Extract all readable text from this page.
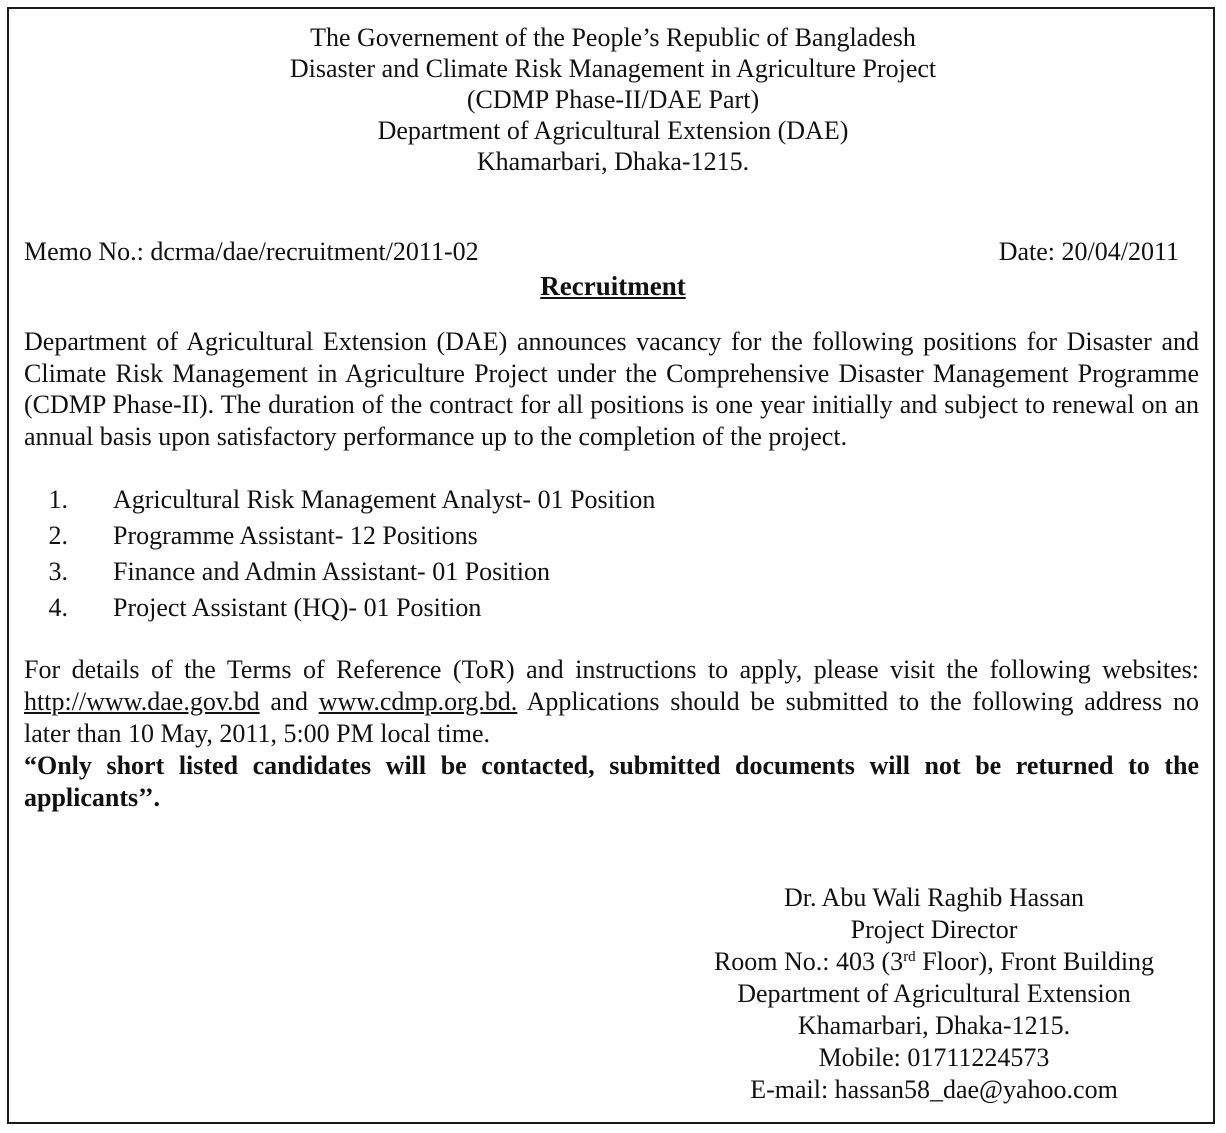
The Governement of the People’s Republic of Bangladesh
Disaster and Climate Risk Management in Agriculture Project
(CDMP Phase-II/DAE Part)
Department of Agricultural Extension (DAE)
Khamarbari, Dhaka-1215.
Memo No.: dcrma/dae/recruitment/2011-02	Date: 20/04/2011
Recruitment

Department of Agricultural Extension (DAE) announces vacancy for the following positions for Disaster and Climate Risk Management in Agriculture Project under the Comprehensive Disaster Management Programme (CDMP Phase-II). The duration of the contract for all positions is one year initially and subject to renewal on an annual basis upon satisfactory performance up to the completion of the project.

1. Agricultural Risk Management Analyst- 01 Position
2. Programme Assistant- 12 Positions
3. Finance and Admin Assistant- 01 Position
4. Project Assistant (HQ)- 01 Position

For details of the Terms of Reference (ToR) and instructions to apply, please visit the following websites: http://www.dae.gov.bd and www.cdmp.org.bd. Applications should be submitted to the following address no later than 10 May, 2011, 5:00 PM local time.

“Only short listed candidates will be contacted, submitted documents will not be returned to the applicants’’.

Dr. Abu Wali Raghib Hassan
Project Director
Room No.: 403 (3rd Floor), Front Building
Department of Agricultural Extension
Khamarbari, Dhaka-1215.
Mobile: 01711224573
E-mail: hassan58_dae@yahoo.com
